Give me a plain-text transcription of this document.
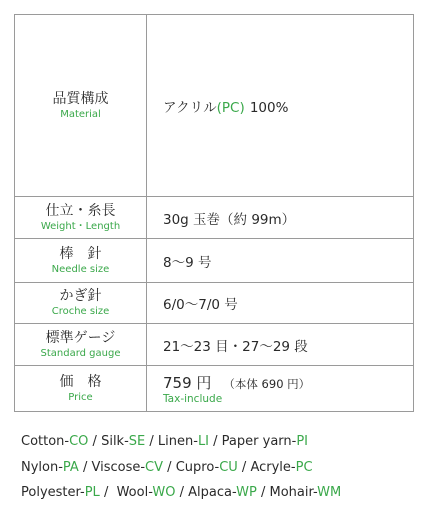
品質構成
Material	アクリル(PC) 100%

仕立・糸長
Weight・Length	30g 玉巻（約 99m）

棒　針
Needle size	8〜9 号

かぎ針
Croche size	6/0〜7/0 号

標準ゲージ
Standard gauge	21〜23 目・27〜29 段

価　格
Price	759 円 （本体 690 円）
Tax-include
Cotton-CO / Silk-SE / Linen-LI / Paper yarn-PI
Nylon-PA / Viscose-CV / Cupro-CU / Acryle-PC
Polyester-PL /  Wool-WO / Alpaca-WP / Mohair-WM
